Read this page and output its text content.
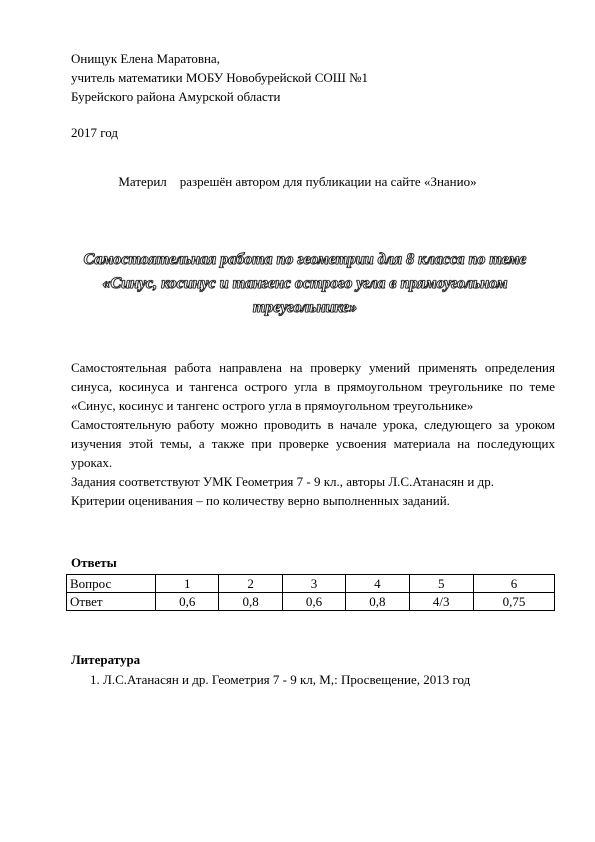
Онищук Елена Маратовна,
учитель математики МОБУ Новобурейской СОШ №1
Бурейского района Амурской области
2017 год
Материл    разрешён автором для публикации на сайте «Знанио»
Самостоятельная работа по геометрии для 8 класса по теме
«Синус, косинус и тангенс острого угла в прямоугольном
треугольнике»

Самостоятельная работа направлена на проверку умений применять определения синуса, косинуса и тангенса острого угла в прямоугольном треугольнике по теме «Синус, косинус и тангенс острого угла в прямоугольном треугольнике»

Самостоятельную работу можно проводить в начале урока, следующего за уроком изучения этой темы, а также при проверке усвоения материала на последующих уроках.

Задания соответствуют УМК Геометрия 7 - 9 кл., авторы Л.С.Атанасян и др.

Критерии оценивания – по количеству верно выполненных заданий.

Ответы
Вопрос	1	2	3	4	5	6
Ответ	0,6	0,8	0,6	0,8	4/3	0,75
Литература
1. Л.С.Атанасян и др. Геометрия 7 - 9 кл, М,: Просвещение, 2013 год
